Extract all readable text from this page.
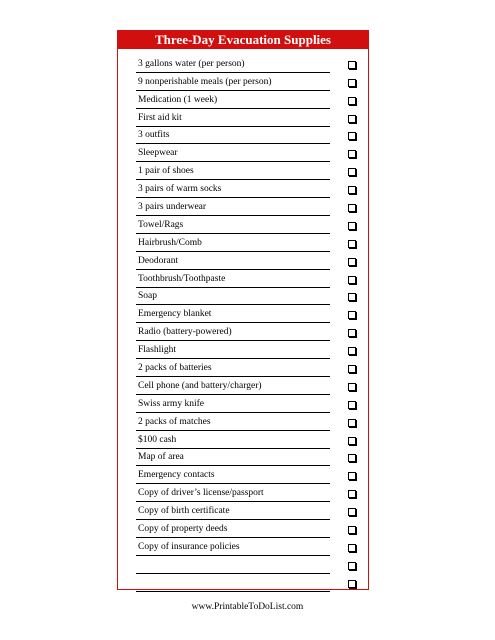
Three-Day Evacuation Supplies
3 gallons water (per person)
9 nonperishable meals (per person)
Medication (1 week)
First aid kit
3 outfits
Sleepwear
1 pair of shoes
3 pairs of warm socks
3 pairs underwear
Towel/Rags
Hairbrush/Comb
Deodorant
Toothbrush/Toothpaste
Soap
Emergency blanket
Radio (battery-powered)
Flashlight
2 packs of batteries
Cell phone (and battery/charger)
Swiss army knife
2 packs of matches
$100 cash
Map of area
Emergency contacts
Copy of driver’s license/passport
Copy of birth certificate
Copy of property deeds
Copy of insurance policies
www.PrintableToDoList.com
